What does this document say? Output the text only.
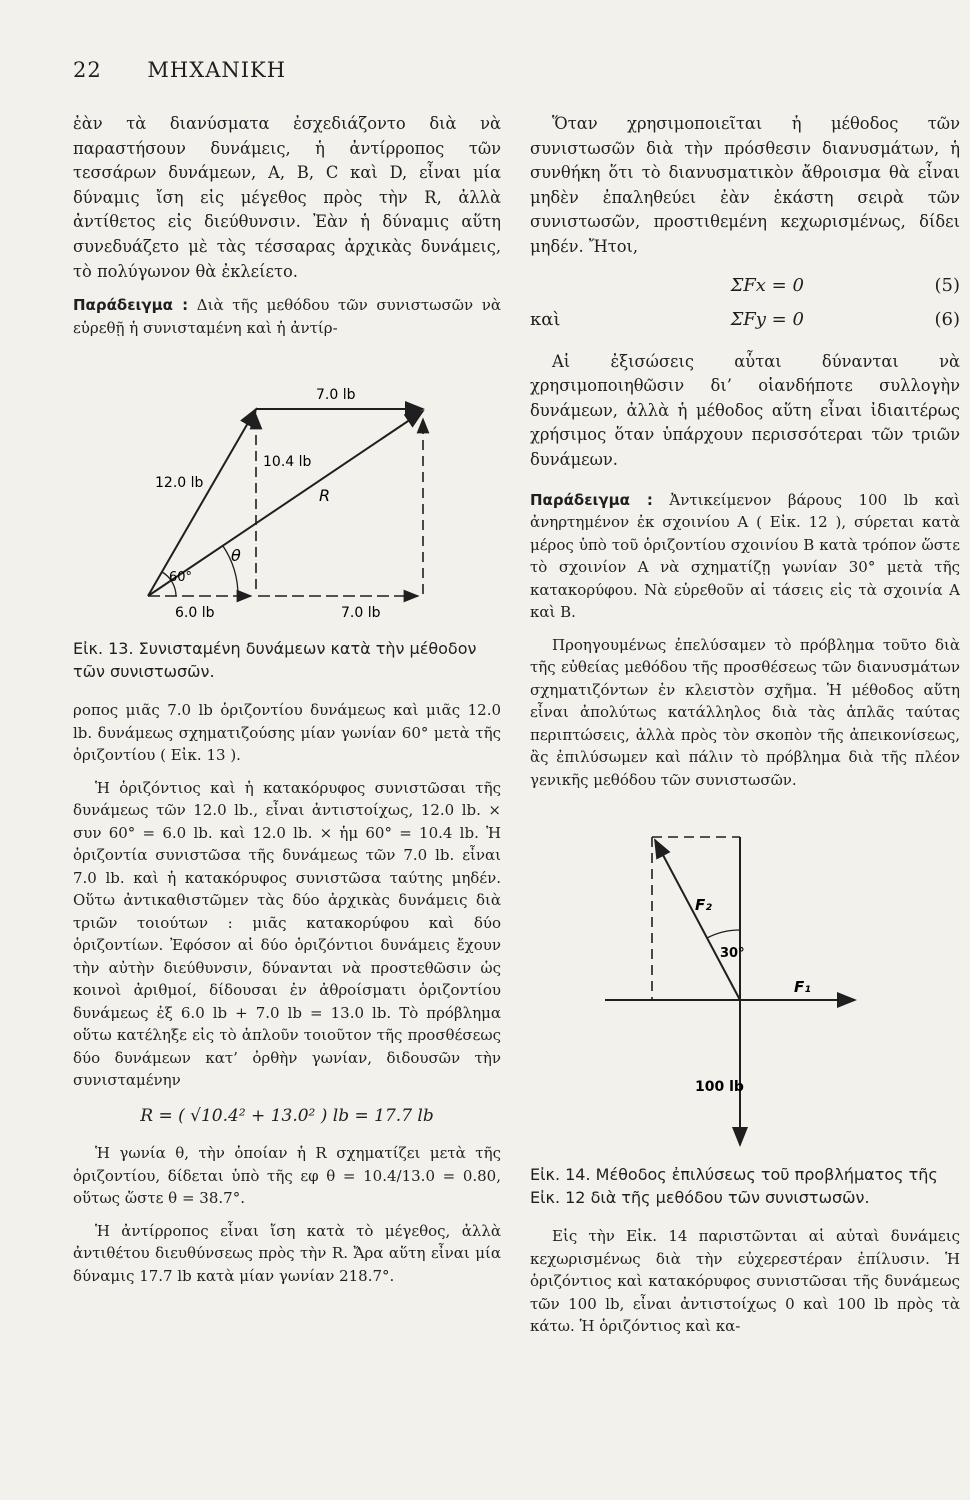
22 ΜΗΧΑΝΙΚΗ

ἐὰν τὰ διανύσματα ἐσχεδιάζοντο διὰ νὰ παραστήσουν δυνάμεις, ἡ ἀντίρροπος τῶν τεσσάρων δυνάμεων, A, B, C καὶ D, εἶναι μία δύναμις ἴση εἰς μέγεθος πρὸς τὴν R, ἀλλὰ ἀντίθετος εἰς διεύθυνσιν. Ἐὰν ἡ δύναμις αὕτη συνεδυάζετο μὲ τὰς τέσσαρας ἀρχικὰς δυνάμεις, τὸ πολύγωνον θὰ ἐκλείετο.

Παράδειγμα : Διὰ τῆς μεθόδου τῶν συνιστωσῶν νὰ εὑρεθῇ ἡ συνισταμένη καὶ ἡ ἀντίρ-

7.0 lb
10.4 lb
12.0 lb
R
θ
60°
6.0 lb	7.0 lb
Εἰκ. 13. Συνισταμένη δυνάμεων κατὰ τὴν μέθοδον τῶν συνιστωσῶν.

ροπος μιᾶς 7.0 lb ὁριζοντίου δυνάμεως καὶ μιᾶς 12.0 lb. δυνάμεως σχηματιζούσης μίαν γωνίαν 60° μετὰ τῆς ὁριζοντίου ( Εἰκ. 13 ).

Ἡ ὁριζόντιος καὶ ἡ κατακόρυφος συνιστῶσαι τῆς δυνάμεως τῶν 12.0 lb., εἶναι ἀντιστοίχως, 12.0 lb. × συν 60° = 6.0 lb. καὶ 12.0 lb. × ἡμ 60° = 10.4 lb. Ἡ ὁριζοντία συνιστῶσα τῆς δυνάμεως τῶν 7.0 lb. εἶναι 7.0 lb. καὶ ἡ κατακόρυφος συνιστῶσα ταύτης μηδέν. Οὕτω ἀντικαθιστῶμεν τὰς δύο ἀρχικὰς δυνάμεις διὰ τριῶν τοιούτων : μιᾶς κατακορύφου καὶ δύο ὁριζοντίων. Ἐφόσον αἱ δύο ὁριζόντιοι δυνάμεις ἔχουν τὴν αὐτὴν διεύθυνσιν, δύνανται νὰ προστεθῶσιν ὡς κοινοὶ ἀριθμοί, δίδουσαι ἐν ἀθροίσματι ὁριζοντίου δυνάμεως ἐξ 6.0 lb + 7.0 lb = 13.0 lb. Τὸ πρόβλημα οὕτω κατέληξε εἰς τὸ ἁπλοῦν τοιοῦτον τῆς προσθέσεως δύο δυνάμεων κατ’ ὀρθὴν γωνίαν, διδουσῶν τὴν συνισταμένην

R = ( √10.4² + 13.0² ) lb = 17.7 lb

Ἡ γωνία θ, τὴν ὁποίαν ἡ R σχηματίζει μετὰ τῆς ὁριζοντίου, δίδεται ὑπὸ τῆς εφ θ = 10.4/13.0 = 0.80, οὕτως ὥστε θ = 38.7°.

Ἡ ἀντίρροπος εἶναι ἴση κατὰ τὸ μέγεθος, ἀλλὰ ἀντιθέτου διευθύνσεως πρὸς τὴν R. Ἄρα αὕτη εἶναι μία δύναμις 17.7 lb κατὰ μίαν γωνίαν 218.7°.

Ὅταν χρησιμοποιεῖται ἡ μέθοδος τῶν συνιστωσῶν διὰ τὴν πρόσθεσιν διανυσμάτων, ἡ συνθήκη ὅτι τὸ διανυσματικὸν ἄθροισμα θὰ εἶναι μηδὲν ἐπαληθεύει ἐὰν ἑκάστη σειρὰ τῶν συνιστωσῶν, προστιθεμένη κεχωρισμένως, δίδει μηδέν. Ἤτοι,

ΣFx = 0	(5)
καὶ	ΣFy = 0	(6)

Αἱ ἐξισώσεις αὗται δύνανται νὰ χρησιμοποιηθῶσιν δι’ οἱανδήποτε συλλογὴν δυνάμεων, ἀλλὰ ἡ μέθοδος αὕτη εἶναι ἰδιαιτέρως χρήσιμος ὅταν ὑπάρχουν περισσότεραι τῶν τριῶν δυνάμεων.

Παράδειγμα : Ἀντικείμενον βάρους 100 lb καὶ ἀνηρτημένον ἐκ σχοινίου A ( Εἰκ. 12 ), σύρεται κατὰ μέρος ὑπὸ τοῦ ὁριζοντίου σχοινίου B κατὰ τρόπον ὥστε τὸ σχοινίον A νὰ σχηματίζῃ γωνίαν 30° μετὰ τῆς κατακορύφου. Νὰ εὑρεθοῦν αἱ τάσεις εἰς τὰ σχοινία A καὶ B.

Προηγουμένως ἐπελύσαμεν τὸ πρόβλημα τοῦτο διὰ τῆς εὐθείας μεθόδου τῆς προσθέσεως τῶν διανυσμάτων σχηματιζόντων ἐν κλειστὸν σχῆμα. Ἡ μέθοδος αὕτη εἶναι ἀπολύτως κατάλληλος διὰ τὰς ἁπλᾶς ταύτας περιπτώσεις, ἀλλὰ πρὸς τὸν σκοπὸν τῆς ἀπεικονίσεως, ἂς ἐπιλύσωμεν καὶ πάλιν τὸ πρόβλημα διὰ τῆς πλέον γενικῆς μεθόδου τῶν συνιστωσῶν.

F₂
30°
F₁
100 lb
Εἰκ. 14. Μέθοδος ἐπιλύσεως τοῦ προβλήματος τῆς Εἰκ. 12 διὰ τῆς μεθόδου τῶν συνιστωσῶν.

Εἰς τὴν Εἰκ. 14 παριστῶνται αἱ αὐταὶ δυνάμεις κεχωρισμένως διὰ τὴν εὐχερεστέραν ἐπίλυσιν. Ἡ ὁριζόντιος καὶ κατακόρυφος συνιστῶσαι τῆς δυνάμεως τῶν 100 lb, εἶναι ἀντιστοίχως 0 καὶ 100 lb πρὸς τὰ κάτω. Ἡ ὁριζόντιος καὶ κα-
